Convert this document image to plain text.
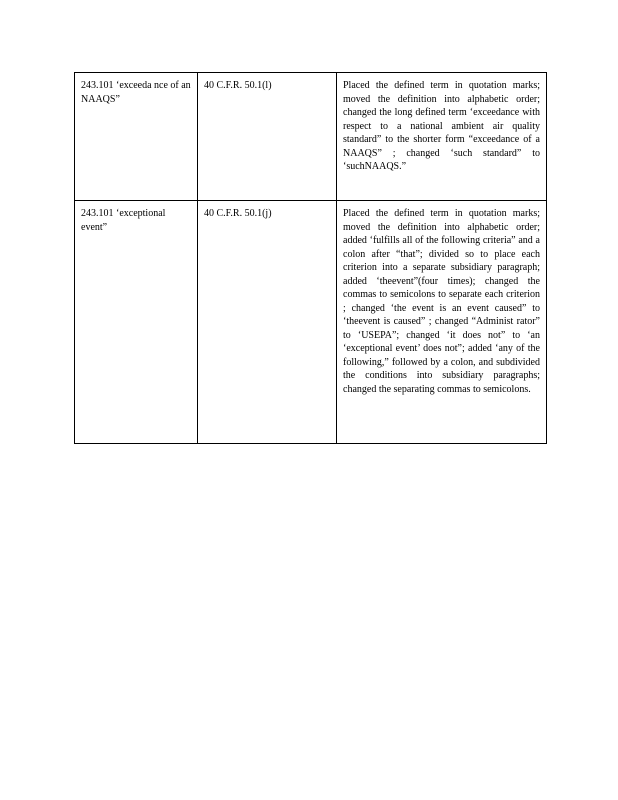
243.101 ‘exceeda nce of an NAAQS”	40 C.F.R. 50.1(l)	Placed the defined term in quotation marks; moved the definition into alphabetic order; changed the long defined term ‘exceedance with respect to a national ambient air quality standard” to the shorter form “exceedance of a NAAQS” ; changed ‘such standard” to ‘suchNAAQS.”
243.101 ‘exceptional event”	40 C.F.R. 50.1(j)	Placed the defined term in quotation marks; moved the definition into alphabetic order; added ‘fulfills all of the following criteria” and a colon after “that”; divided so to place each criterion into a separate subsidiary paragraph; added ‘theevent”(four times); changed the commas to semicolons to separate each criterion ; changed ‘the event is an event caused” to ‘theevent is caused” ; changed “Administ rator” to ‘USEPA”; changed ‘it does not” to ‘an ‘exceptional event’ does not”; added ‘any of the following,” followed by a colon, and subdivided the conditions into subsidiary paragraphs; changed the separating commas to semicolons.
